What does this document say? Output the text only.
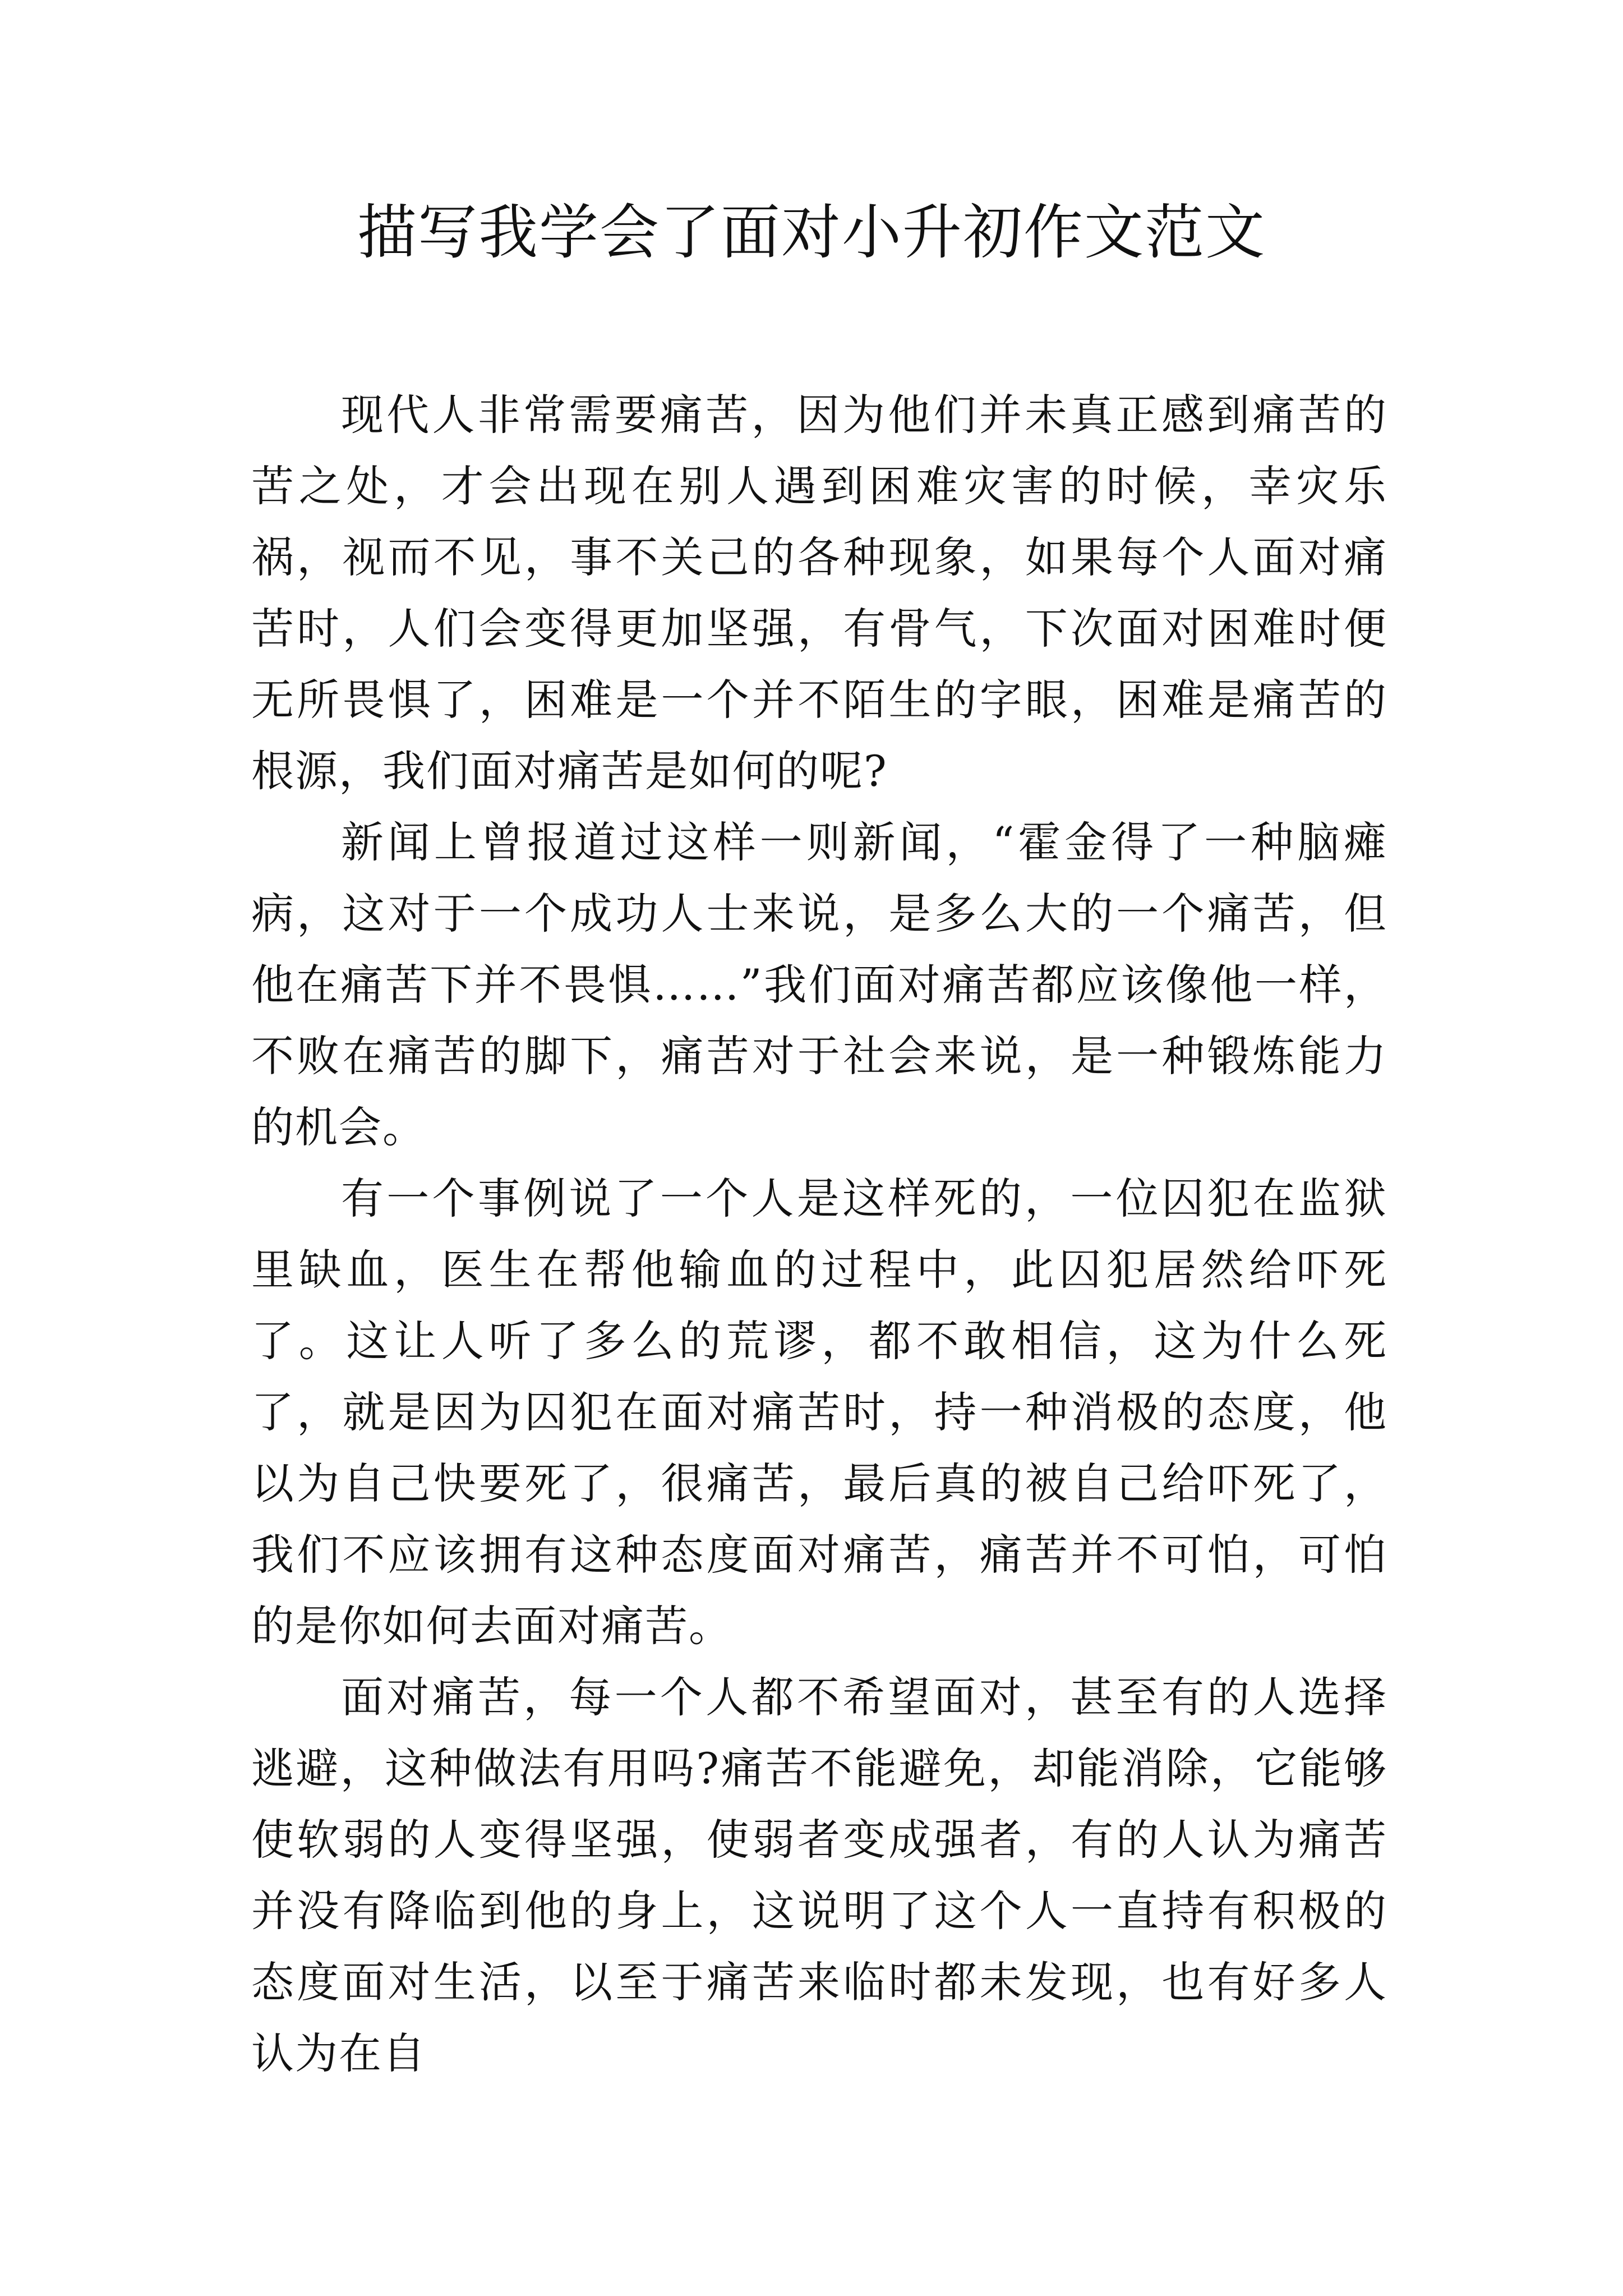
描写我学会了面对小升初作文范文

现代人非常需要痛苦，因为他们并未真正感到痛苦的苦之处，才会出现在别人遇到困难灾害的时候，幸灾乐祸，视而不见，事不关己的各种现象，如果每个人面对痛苦时，人们会变得更加坚强，有骨气，下次面对困难时便无所畏惧了，困难是一个并不陌生的字眼，困难是痛苦的根源，我们面对痛苦是如何的呢?

新闻上曾报道过这样一则新闻，“霍金得了一种脑瘫病，这对于一个成功人士来说，是多么大的一个痛苦，但他在痛苦下并不畏惧……”我们面对痛苦都应该像他一样，不败在痛苦的脚下，痛苦对于社会来说，是一种锻炼能力的机会。

有一个事例说了一个人是这样死的，一位囚犯在监狱里缺血，医生在帮他输血的过程中，此囚犯居然给吓死了。这让人听了多么的荒谬，都不敢相信，这为什么死了，就是因为囚犯在面对痛苦时，持一种消极的态度，他以为自己快要死了，很痛苦，最后真的被自己给吓死了，我们不应该拥有这种态度面对痛苦，痛苦并不可怕，可怕的是你如何去面对痛苦。

面对痛苦，每一个人都不希望面对，甚至有的人选择逃避，这种做法有用吗?痛苦不能避免，却能消除，它能够使软弱的人变得坚强，使弱者变成强者，有的人认为痛苦并没有降临到他的身上，这说明了这个人一直持有积极的态度面对生活，以至于痛苦来临时都未发现，也有好多人认为在自
